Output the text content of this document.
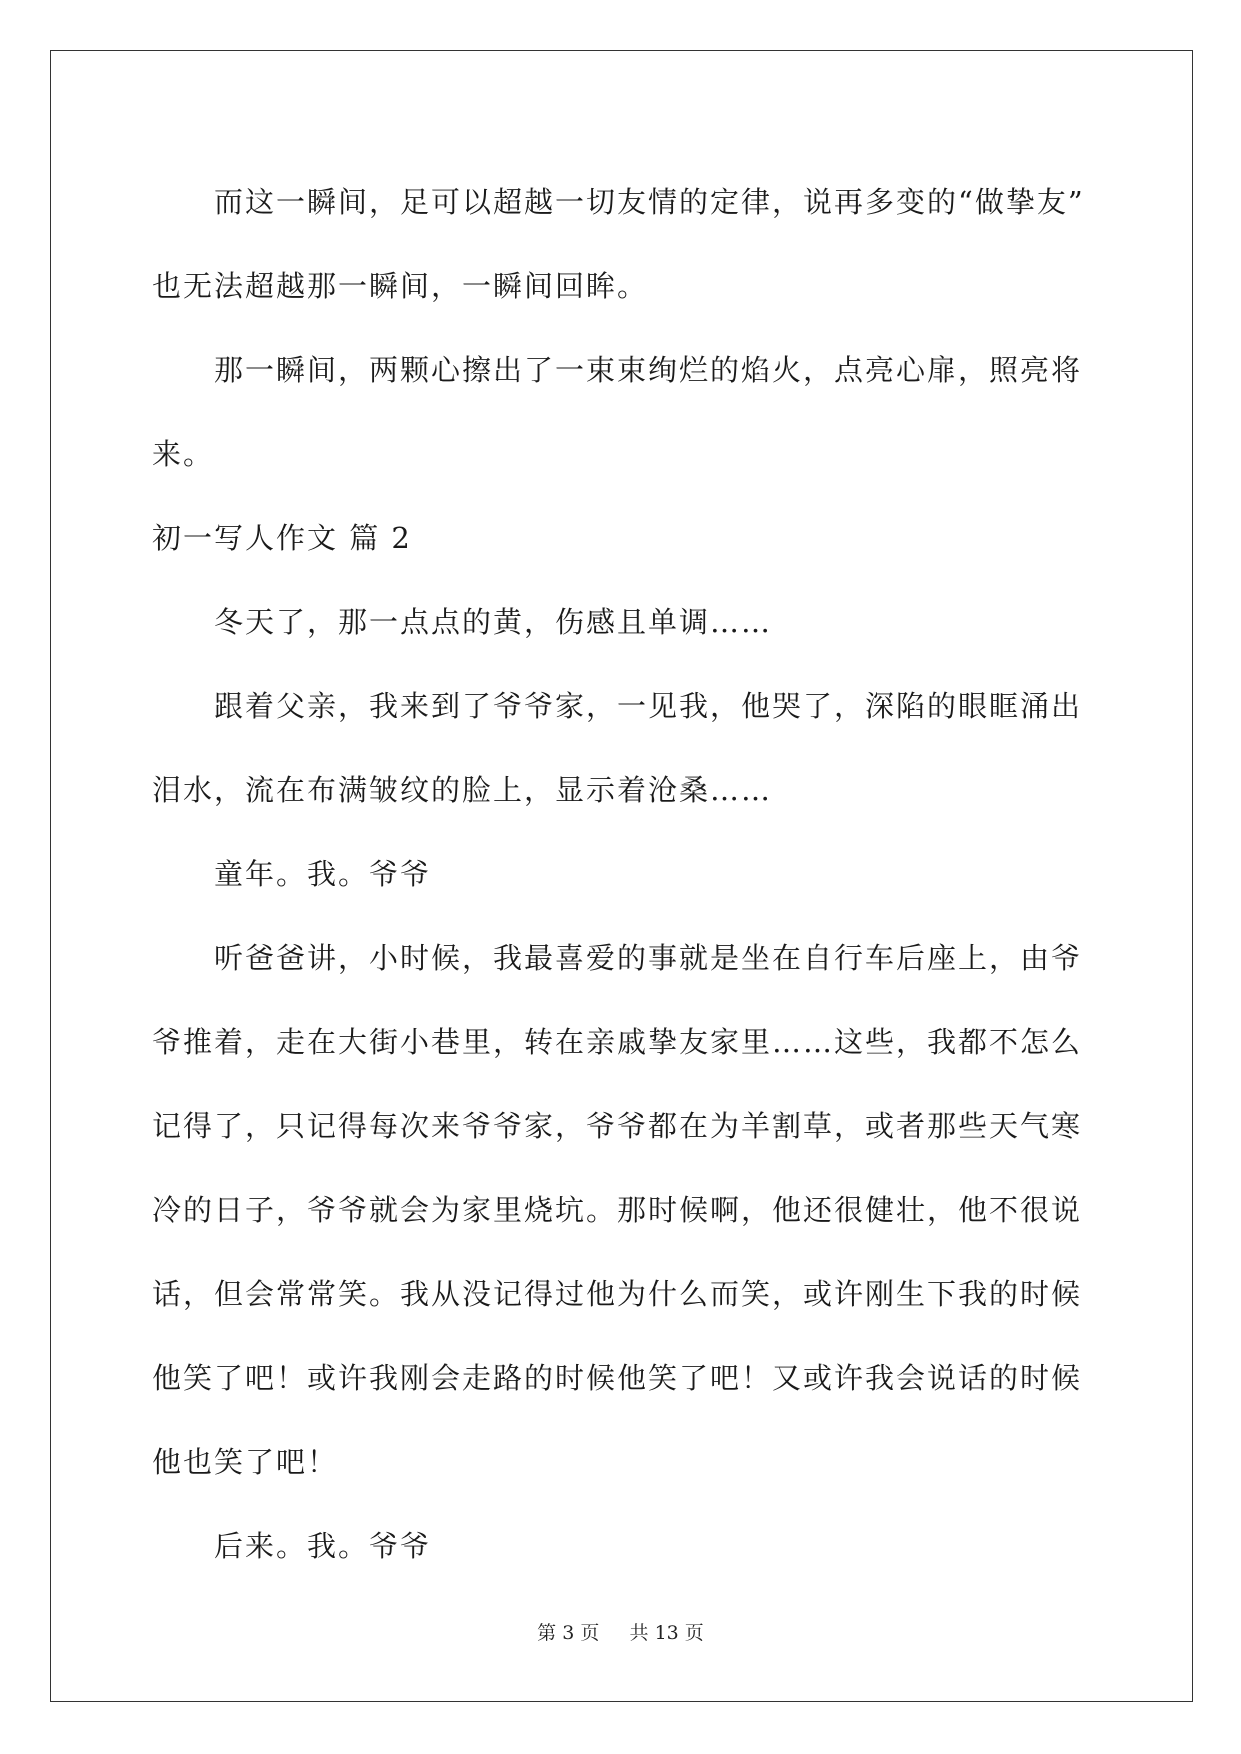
而这一瞬间，足可以超越一切友情的定律，说再多变的“做挚友”
也无法超越那一瞬间，一瞬间回眸。
那一瞬间，两颗心擦出了一束束绚烂的焰火，点亮心扉，照亮将
来。
初一写人作文 篇 2
冬天了，那一点点的黄，伤感且单调……
跟着父亲，我来到了爷爷家，一见我，他哭了，深陷的眼眶涌出
泪水，流在布满皱纹的脸上，显示着沧桑……
童年。我。爷爷
听爸爸讲，小时候，我最喜爱的事就是坐在自行车后座上，由爷
爷推着，走在大街小巷里，转在亲戚挚友家里……这些，我都不怎么
记得了，只记得每次来爷爷家，爷爷都在为羊割草，或者那些天气寒
冷的日子，爷爷就会为家里烧坑。那时候啊，他还很健壮，他不很说
话，但会常常笑。我从没记得过他为什么而笑，或许刚生下我的时候
他笑了吧！或许我刚会走路的时候他笑了吧！又或许我会说话的时候
他也笑了吧！
后来。我。爷爷
第 3 页 共 13 页
